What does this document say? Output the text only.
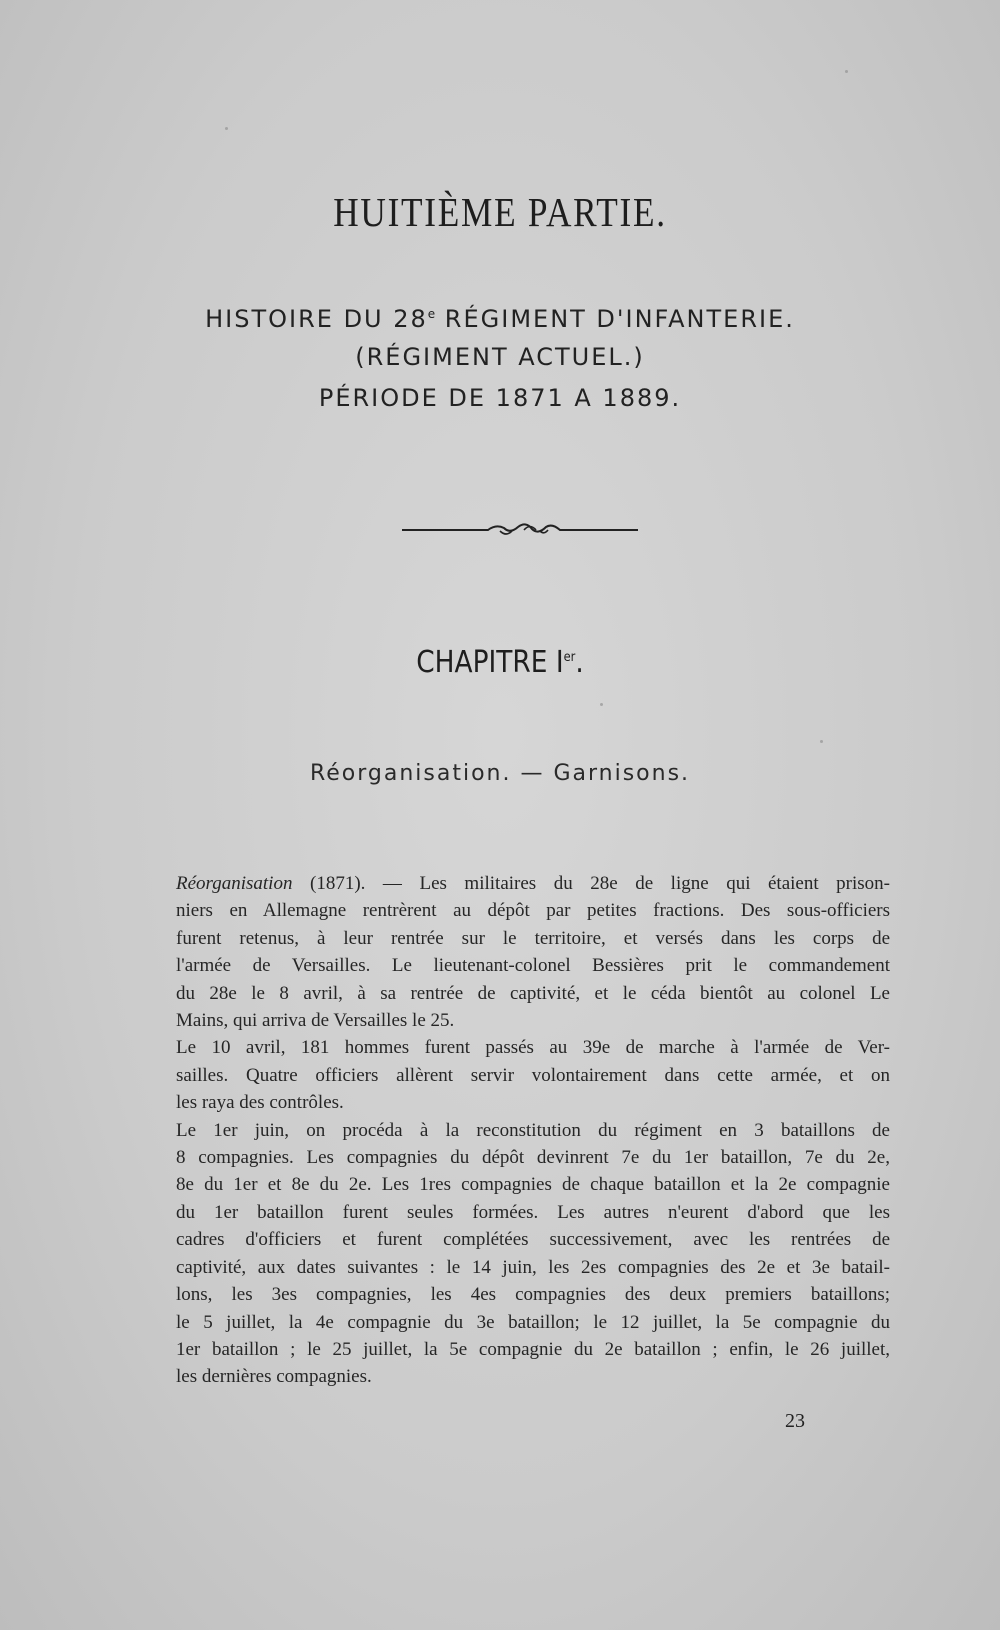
HUITIÈME PARTIE.
HISTOIRE DU 28e RÉGIMENT D'INFANTERIE.
(RÉGIMENT ACTUEL.)
PÉRIODE DE 1871 A 1889.
CHAPITRE Ier.
Réorganisation. — Garnisons.
Réorganisation (1871). — Les militaires du 28e de ligne qui étaient prison-
niers en Allemagne rentrèrent au dépôt par petites fractions. Des sous-officiers
furent retenus, à leur rentrée sur le territoire, et versés dans les corps de
l'armée de Versailles. Le lieutenant-colonel Bessières prit le commandement
du 28e le 8 avril, à sa rentrée de captivité, et le céda bientôt au colonel Le
Mains, qui arriva de Versailles le 25.
Le 10 avril, 181 hommes furent passés au 39e de marche à l'armée de Ver-
sailles. Quatre officiers allèrent servir volontairement dans cette armée, et on
les raya des contrôles.
Le 1er juin, on procéda à la reconstitution du régiment en 3 bataillons de
8 compagnies. Les compagnies du dépôt devinrent 7e du 1er bataillon, 7e du 2e,
8e du 1er et 8e du 2e. Les 1res compagnies de chaque bataillon et la 2e compagnie
du 1er bataillon furent seules formées. Les autres n'eurent d'abord que les
cadres d'officiers et furent complétées successivement, avec les rentrées de
captivité, aux dates suivantes : le 14 juin, les 2es compagnies des 2e et 3e batail-
lons, les 3es compagnies, les 4es compagnies des deux premiers bataillons;
le 5 juillet, la 4e compagnie du 3e bataillon; le 12 juillet, la 5e compagnie du
1er bataillon ; le 25 juillet, la 5e compagnie du 2e bataillon ; enfin, le 26 juillet,
les dernières compagnies.
23
